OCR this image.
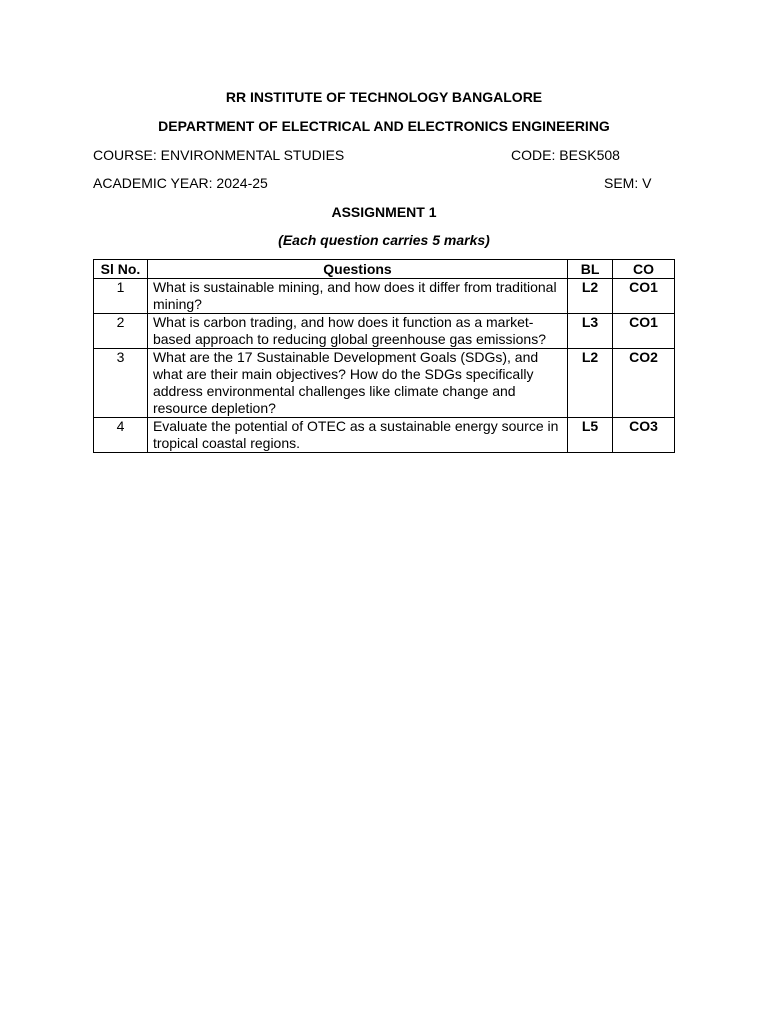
RR INSTITUTE OF TECHNOLOGY BANGALORE
DEPARTMENT OF ELECTRICAL AND ELECTRONICS ENGINEERING
COURSE: ENVIRONMENTAL STUDIES	CODE: BESK508
ACADEMIC YEAR: 2024-25	SEM: V
ASSIGNMENT 1
(Each question carries 5 marks)
Sl No.	Questions	BL	CO
1	What is sustainable mining, and how does it differ from traditional mining?	L2	CO1
2	What is carbon trading, and how does it function as a market-based approach to reducing global greenhouse gas emissions?	L3	CO1
3	What are the 17 Sustainable Development Goals (SDGs), and what are their main objectives? How do the SDGs specifically address environmental challenges like climate change and resource depletion?	L2	CO2
4	Evaluate the potential of OTEC as a sustainable energy source in tropical coastal regions.	L5	CO3
